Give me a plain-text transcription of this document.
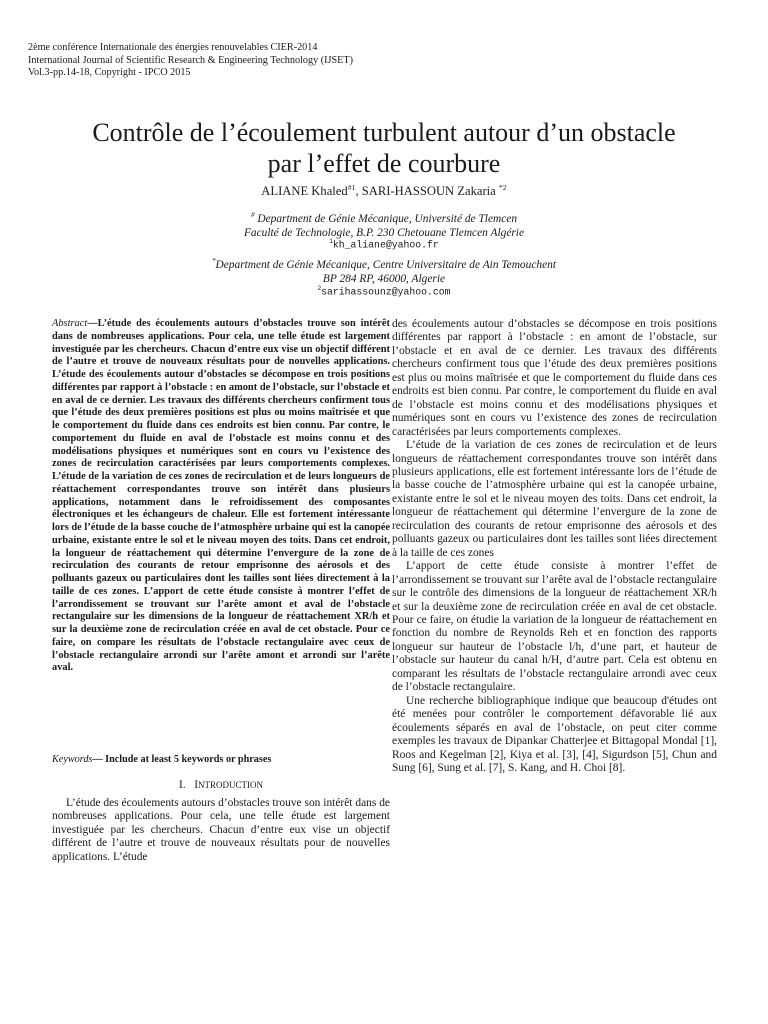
2ème conférence Internationale des énergies renouvelables CIER-2014
International Journal of Scientific Research & Engineering Technology (IJSET)
Vol.3-pp.14-18, Copyright - IPCO 2015
Contrôle de l’écoulement turbulent autour d’un obstacle
par l’effet de courbure
ALIANE Khaled$^{\#1}$, SARI-HASSOUN Zakaria $^{*2}$
# Department de Génie Mécanique, Université de Tlemcen
Faculté de Technologie, B.P. 230 Chetouane Tlemcen Algérie
$^1$kh_aliane@yahoo.fr
*Department de Génie Mécanique, Centre Universitaire de Ain Temouchent
BP 284 RP, 46000, Algerie
$^2$sarihassounz@yahoo.com
Abstract—L’étude des écoulements autours d’obstacles trouve son intérêt dans de nombreuses applications. Pour cela, une telle étude est largement investiguée par les chercheurs. Chacun d’entre eux vise un objectif différent de l’autre et trouve de nouveaux résultats pour de nouvelles applications. L’étude des écoulements autour d’obstacles se décompose en trois positions différentes par rapport à l’obstacle : en amont de l’obstacle, sur l’obstacle et en aval de ce dernier. Les travaux des différents chercheurs confirment tous que l’étude des deux premières positions est plus ou moins maîtrisée et que le comportement du fluide dans ces endroits est bien connu. Par contre, le comportement du fluide en aval de l’obstacle est moins connu et des modélisations physiques et numériques sont en cours vu l’existence des zones de recirculation caractérisées par leurs comportements complexes. L’étude de la variation de ces zones de recirculation et de leurs longueurs de réattachement correspondantes trouve son intérêt dans plusieurs applications, notamment dans le refroidissement des composantes électroniques et les échangeurs de chaleur. Elle est fortement intéressante lors de l’étude de la basse couche de l’atmosphère urbaine qui est la canopée urbaine, existante entre le sol et le niveau moyen des toits. Dans cet endroit, la longueur de réattachement qui détermine l’envergure de la zone de recirculation des courants de retour emprisonne des aérosols et des polluants gazeux ou particulaires dont les tailles sont liées directement à la taille de ces zones. L’apport de cette étude consiste à montrer l’effet de l’arrondissement se trouvant sur l’arête amont et aval de l’obstacle rectangulaire sur les dimensions de la longueur de réattachement XR/h et sur la deuxième zone de recirculation créée en aval de cet obstacle. Pour ce faire, on compare les résultats de l’obstacle rectangulaire avec ceux de l’obstacle rectangulaire arrondi sur l’arête amont et arrondi sur l’arête aval.
Keywords— Include at least 5 keywords or phrases
I. INTRODUCTION

L’étude des écoulements autours d’obstacles trouve son intérêt dans de nombreuses applications. Pour cela, une telle étude est largement investiguée par les chercheurs. Chacun d’entre eux vise un objectif différent de l’autre et trouve de nouveaux résultats pour de nouvelles applications. L’étude

des écoulements autour d’obstacles se décompose en trois positions différentes par rapport à l’obstacle : en amont de l’obstacle, sur l’obstacle et en aval de ce dernier. Les travaux des différents chercheurs confirment tous que l’étude des deux premières positions est plus ou moins maîtrisée et que le comportement du fluide dans ces endroits est bien connu. Par contre, le comportement du fluide en aval de l’obstacle est moins connu et des modélisations physiques et numériques sont en cours vu l’existence des zones de recirculation caractérisées par leurs comportements complexes.

L’étude de la variation de ces zones de recirculation et de leurs longueurs de réattachement correspondantes trouve son intérêt dans plusieurs applications, elle est fortement intéressante lors de l’étude de la basse couche de l’atmosphère urbaine qui est la canopée urbaine, existante entre le sol et le niveau moyen des toits. Dans cet endroit, la longueur de réattachement qui détermine l’envergure de la zone de recirculation des courants de retour emprisonne des aérosols et des polluants gazeux ou particulaires dont les tailles sont liées directement à la taille de ces zones

L’apport de cette étude consiste à montrer l’effet de l’arrondissement se trouvant sur l’arête aval de l’obstacle rectangulaire sur le contrôle des dimensions de la longueur de réattachement XR/h et sur la deuxième zone de recirculation créée en aval de cet obstacle. Pour ce faire, on étudie la variation de la longueur de réattachement en fonction du nombre de Reynolds Reh et en fonction des rapports longueur sur hauteur de l’obstacle l/h, d’une part, et hauteur de l’obstacle sur hauteur du canal h/H, d’autre part. Cela est obtenu en comparant les résultats de l’obstacle rectangulaire arrondi avec ceux de l’obstacle rectangulaire.

Une recherche bibliographique indique que beaucoup d'études ont été menées pour contrôler le comportement défavorable lié aux écoulements séparés en aval de l’obstacle, on peut citer comme exemples les travaux de Dipankar Chatterjee et Bittagopal Mondal [1], Roos and Kegelman [2], Kiya et al. [3], [4], Sigurdson [5], Chun and Sung [6], Sung et al. [7], S. Kang, and H. Choi [8].
